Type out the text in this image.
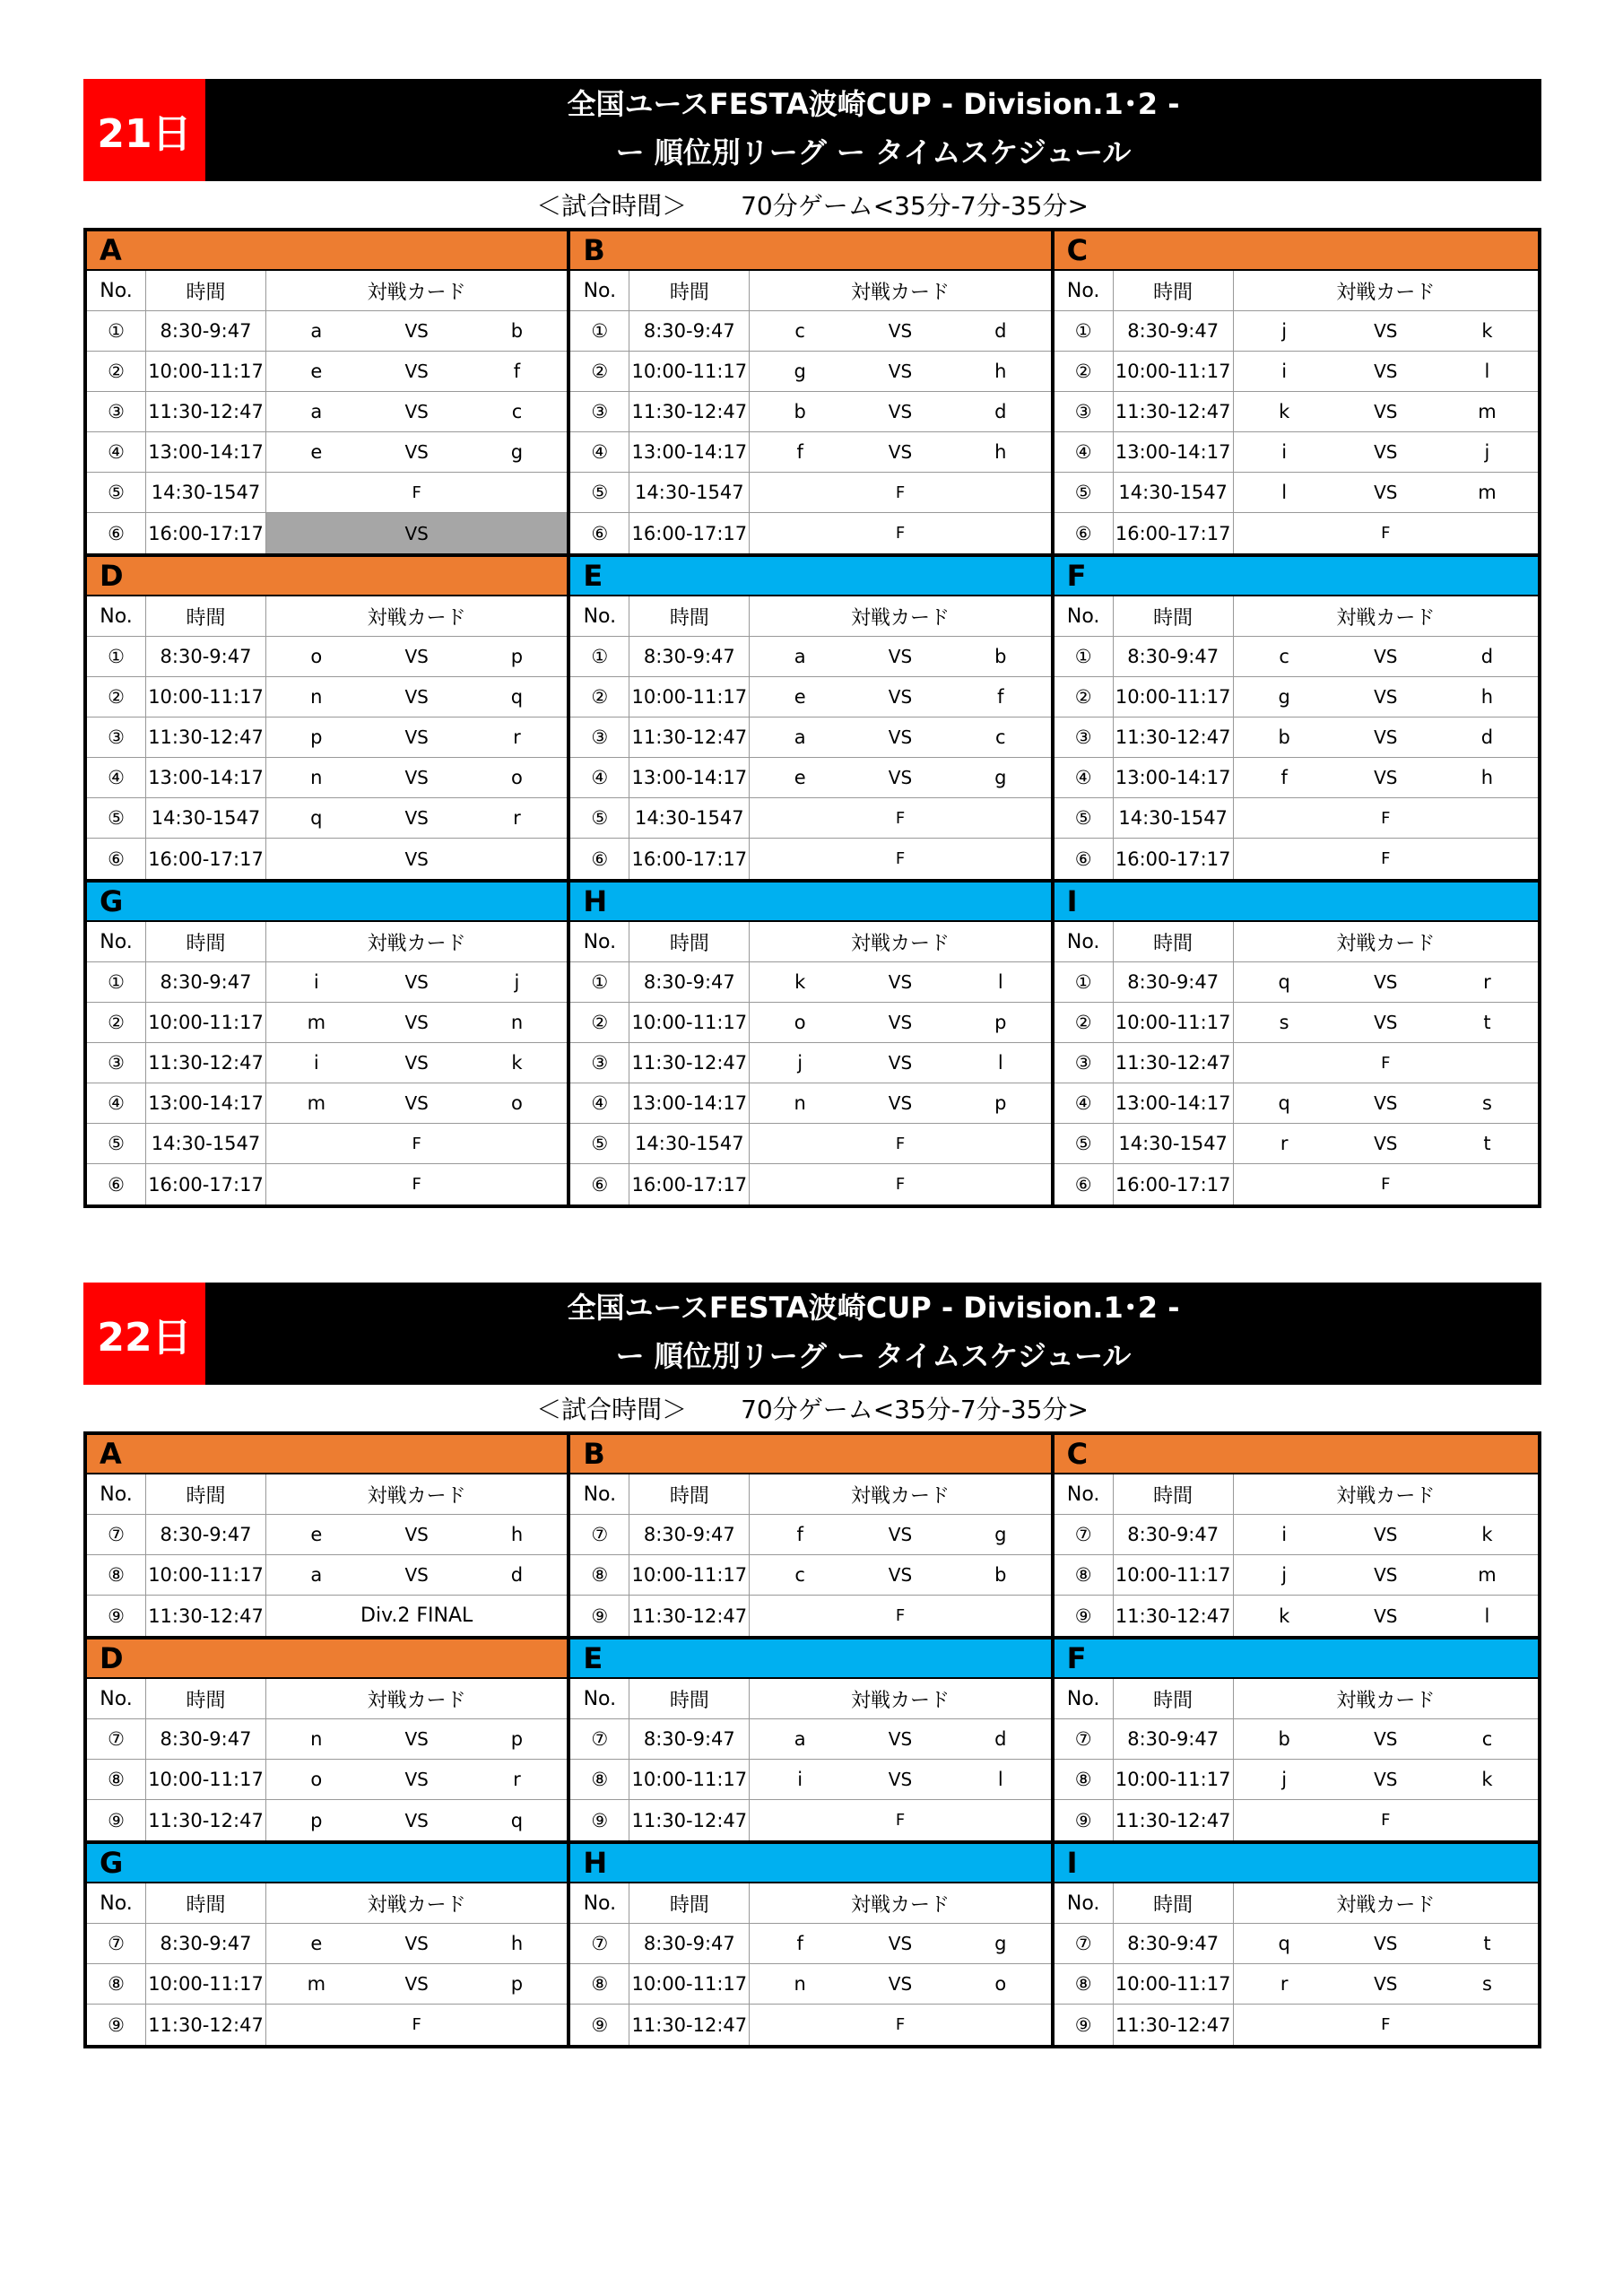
21日
全国ユースFESTA波崎CUP - Division.1･2 -
ー 順位別リーグ ー タイムスケジュール
＜試合時間＞ 70分ゲーム<35分-7分-35分>
A
No.	時間	対戦カード
①	8:30-9:47	a	VS	b
②	10:00-11:17	e	VS	f
③	11:30-12:47	a	VS	c
④	13:00-14:17	e	VS	g
⑤	14:30-1547	F
⑥	16:00-17:17	VS
B
No.	時間	対戦カード
①	8:30-9:47	c	VS	d
②	10:00-11:17	g	VS	h
③	11:30-12:47	b	VS	d
④	13:00-14:17	f	VS	h
⑤	14:30-1547	F
⑥	16:00-17:17	F
C
No.	時間	対戦カード
①	8:30-9:47	j	VS	k
②	10:00-11:17	i	VS	l
③	11:30-12:47	k	VS	m
④	13:00-14:17	i	VS	j
⑤	14:30-1547	l	VS	m
⑥	16:00-17:17	F
D
No.	時間	対戦カード
①	8:30-9:47	o	VS	p
②	10:00-11:17	n	VS	q
③	11:30-12:47	p	VS	r
④	13:00-14:17	n	VS	o
⑤	14:30-1547	q	VS	r
⑥	16:00-17:17	VS
E
No.	時間	対戦カード
①	8:30-9:47	a	VS	b
②	10:00-11:17	e	VS	f
③	11:30-12:47	a	VS	c
④	13:00-14:17	e	VS	g
⑤	14:30-1547	F
⑥	16:00-17:17	F
F
No.	時間	対戦カード
①	8:30-9:47	c	VS	d
②	10:00-11:17	g	VS	h
③	11:30-12:47	b	VS	d
④	13:00-14:17	f	VS	h
⑤	14:30-1547	F
⑥	16:00-17:17	F
G
No.	時間	対戦カード
①	8:30-9:47	i	VS	j
②	10:00-11:17	m	VS	n
③	11:30-12:47	i	VS	k
④	13:00-14:17	m	VS	o
⑤	14:30-1547	F
⑥	16:00-17:17	F
H
No.	時間	対戦カード
①	8:30-9:47	k	VS	l
②	10:00-11:17	o	VS	p
③	11:30-12:47	j	VS	l
④	13:00-14:17	n	VS	p
⑤	14:30-1547	F
⑥	16:00-17:17	F
I
No.	時間	対戦カード
①	8:30-9:47	q	VS	r
②	10:00-11:17	s	VS	t
③	11:30-12:47	F
④	13:00-14:17	q	VS	s
⑤	14:30-1547	r	VS	t
⑥	16:00-17:17	F
22日
全国ユースFESTA波崎CUP - Division.1･2 -
ー 順位別リーグ ー タイムスケジュール
＜試合時間＞ 70分ゲーム<35分-7分-35分>
A
No.	時間	対戦カード
⑦	8:30-9:47	e	VS	h
⑧	10:00-11:17	a	VS	d
⑨	11:30-12:47	Div.2 FINAL
B
No.	時間	対戦カード
⑦	8:30-9:47	f	VS	g
⑧	10:00-11:17	c	VS	b
⑨	11:30-12:47	F
C
No.	時間	対戦カード
⑦	8:30-9:47	i	VS	k
⑧	10:00-11:17	j	VS	m
⑨	11:30-12:47	k	VS	l
D
No.	時間	対戦カード
⑦	8:30-9:47	n	VS	p
⑧	10:00-11:17	o	VS	r
⑨	11:30-12:47	p	VS	q
E
No.	時間	対戦カード
⑦	8:30-9:47	a	VS	d
⑧	10:00-11:17	i	VS	l
⑨	11:30-12:47	F
F
No.	時間	対戦カード
⑦	8:30-9:47	b	VS	c
⑧	10:00-11:17	j	VS	k
⑨	11:30-12:47	F
G
No.	時間	対戦カード
⑦	8:30-9:47	e	VS	h
⑧	10:00-11:17	m	VS	p
⑨	11:30-12:47	F
H
No.	時間	対戦カード
⑦	8:30-9:47	f	VS	g
⑧	10:00-11:17	n	VS	o
⑨	11:30-12:47	F
I
No.	時間	対戦カード
⑦	8:30-9:47	q	VS	t
⑧	10:00-11:17	r	VS	s
⑨	11:30-12:47	F
